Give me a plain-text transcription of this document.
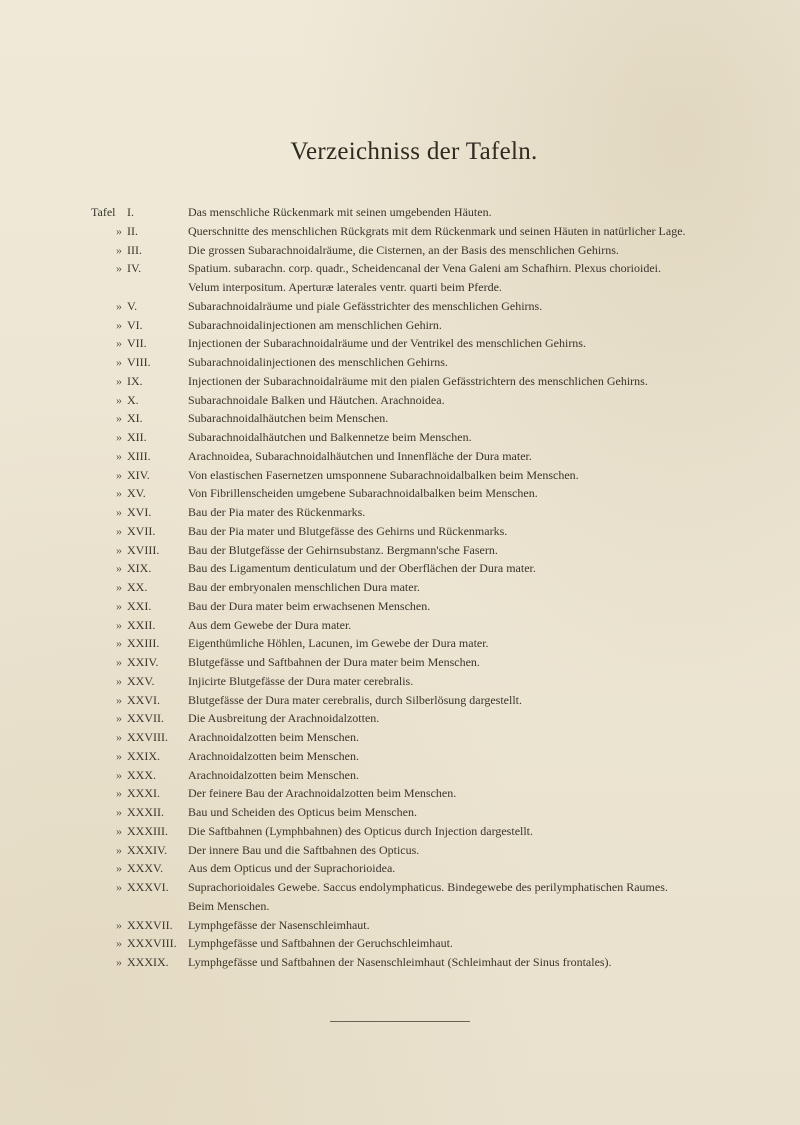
Verzeichniss der Tafeln.
Tafel I.	Das menschliche Rückenmark mit seinen umgebenden Häuten.
» II.	Querschnitte des menschlichen Rückgrats mit dem Rückenmark und seinen Häuten in natürlicher Lage.
» III.	Die grossen Subarachnoidalräume, die Cisternen, an der Basis des menschlichen Gehirns.
» IV.	Spatium. subarachn. corp. quadr., Scheidencanal der Vena Galeni am Schafhirn. Plexus chorioidei.
Velum interpositum. Aperturæ laterales ventr. quarti beim Pferde.
» V.	Subarachnoidalräume und piale Gefässtrichter des menschlichen Gehirns.
» VI.	Subarachnoidalinjectionen am menschlichen Gehirn.
» VII.	Injectionen der Subarachnoidalräume und der Ventrikel des menschlichen Gehirns.
» VIII.	Subarachnoidalinjectionen des menschlichen Gehirns.
» IX.	Injectionen der Subarachnoidalräume mit den pialen Gefässtrichtern des menschlichen Gehirns.
» X.	Subarachnoidale Balken und Häutchen. Arachnoidea.
» XI.	Subarachnoidalhäutchen beim Menschen.
» XII.	Subarachnoidalhäutchen und Balkennetze beim Menschen.
» XIII.	Arachnoidea, Subarachnoidalhäutchen und Innenfläche der Dura mater.
» XIV.	Von elastischen Fasernetzen umsponnene Subarachnoidalbalken beim Menschen.
» XV.	Von Fibrillenscheiden umgebene Subarachnoidalbalken beim Menschen.
» XVI.	Bau der Pia mater des Rückenmarks.
» XVII.	Bau der Pia mater und Blutgefässe des Gehirns und Rückenmarks.
» XVIII. Bau der Blutgefässe der Gehirnsubstanz. Bergmann'sche Fasern.
» XIX.	Bau des Ligamentum denticulatum und der Oberflächen der Dura mater.
» XX.	Bau der embryonalen menschlichen Dura mater.
» XXI.	Bau der Dura mater beim erwachsenen Menschen.
» XXII.	Aus dem Gewebe der Dura mater.
» XXIII. Eigenthümliche Höhlen, Lacunen, im Gewebe der Dura mater.
» XXIV. Blutgefässe und Saftbahnen der Dura mater beim Menschen.
» XXV.	Injicirte Blutgefässe der Dura mater cerebralis.
» XXVI. Blutgefässe der Dura mater cerebralis, durch Silberlösung dargestellt.
» XXVII. Die Ausbreitung der Arachnoidalzotten.
» XXVIII. Arachnoidalzotten beim Menschen.
» XXIX. Arachnoidalzotten beim Menschen.
» XXX.	Arachnoidalzotten beim Menschen.
» XXXI. Der feinere Bau der Arachnoidalzotten beim Menschen.
» XXXII. Bau und Scheiden des Opticus beim Menschen.
» XXXIII. Die Saftbahnen (Lymphbahnen) des Opticus durch Injection dargestellt.
» XXXIV. Der innere Bau und die Saftbahnen des Opticus.
» XXXV. Aus dem Opticus und der Suprachorioidea.
» XXXVI. Suprachorioidales Gewebe. Saccus endolymphaticus. Bindegewebe des perilymphatischen Raumes.
Beim Menschen.
» XXXVII. Lymphgefässe der Nasenschleimhaut.
» XXXVIII. Lymphgefässe und Saftbahnen der Geruchschleimhaut.
» XXXIX. Lymphgefässe und Saftbahnen der Nasenschleimhaut (Schleimhaut der Sinus frontales).
